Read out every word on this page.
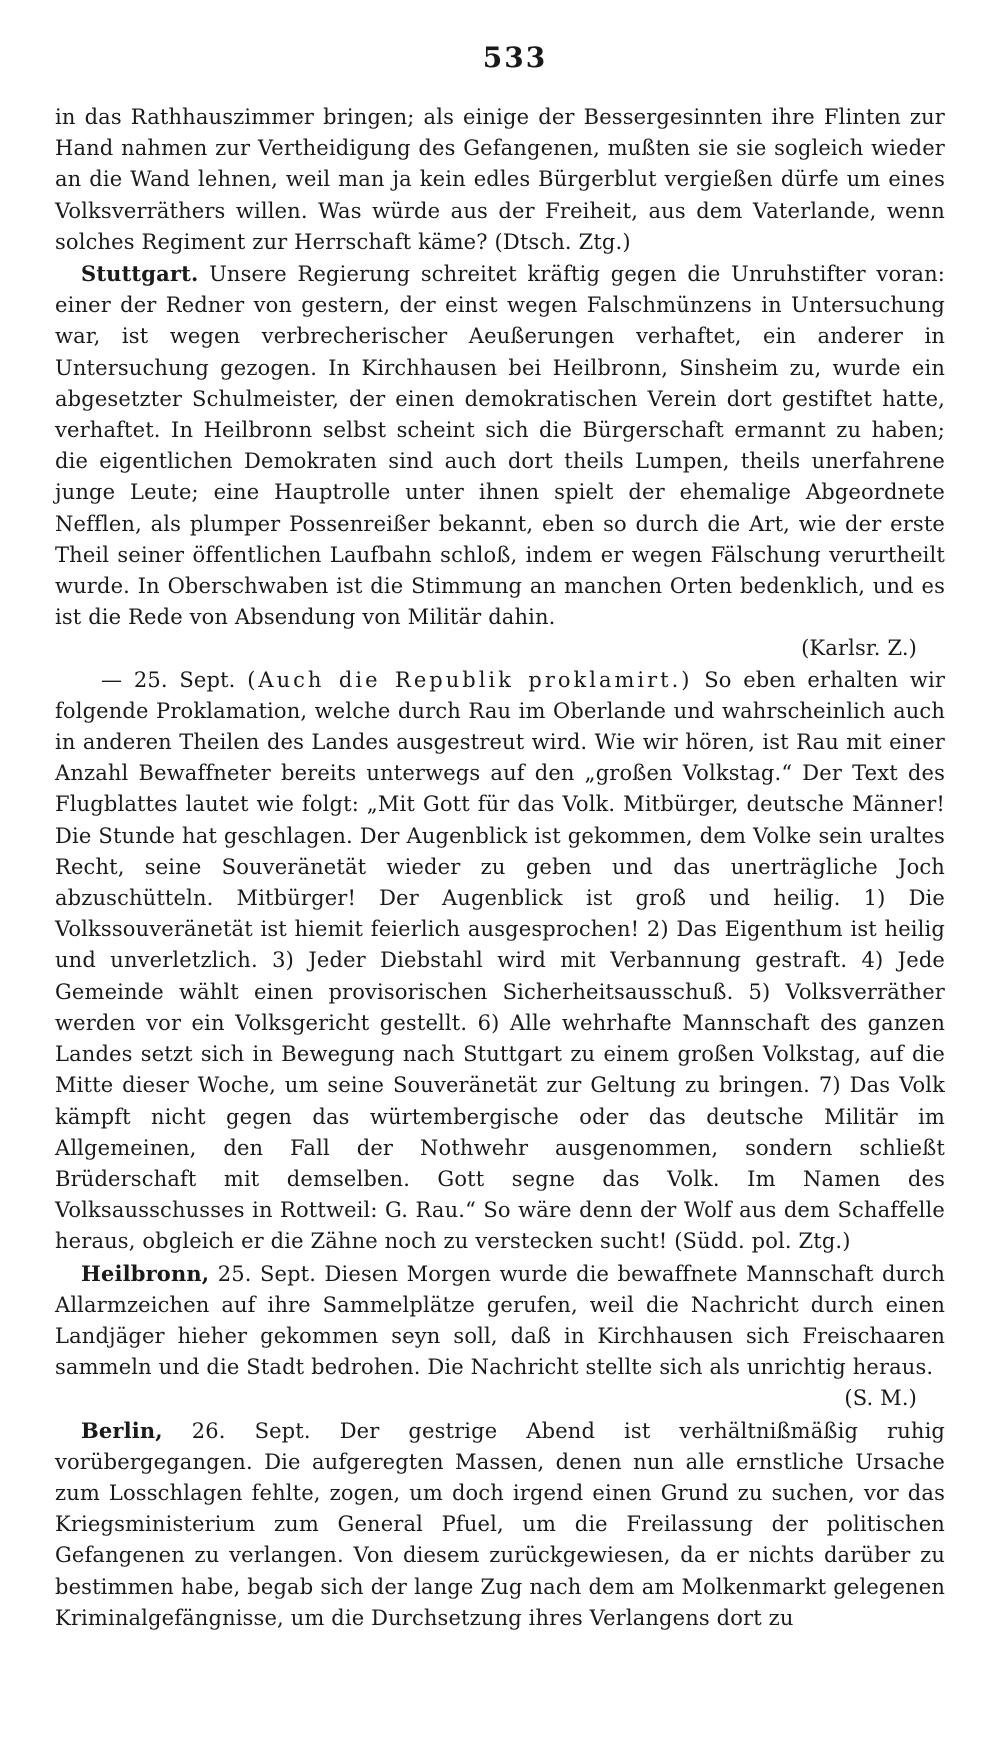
533

in das Rathhauszimmer bringen; als einige der Bessergesinnten ihre Flinten zur Hand nahmen zur Vertheidigung des Gefangenen, mußten sie sie sogleich wieder an die Wand lehnen, weil man ja kein edles Bürgerblut vergießen dürfe um eines Volksverräthers willen. Was würde aus der Freiheit, aus dem Vaterlande, wenn solches Regiment zur Herrschaft käme? (Dtsch. Ztg.)

Stuttgart. Unsere Regierung schreitet kräftig gegen die Unruhstifter voran: einer der Redner von gestern, der einst wegen Falschmünzens in Untersuchung war, ist wegen verbrecherischer Aeußerungen verhaftet, ein anderer in Untersuchung gezogen. In Kirchhausen bei Heilbronn, Sinsheim zu, wurde ein abgesetzter Schulmeister, der einen demokratischen Verein dort gestiftet hatte, verhaftet. In Heilbronn selbst scheint sich die Bürgerschaft ermannt zu haben; die eigentlichen Demokraten sind auch dort theils Lumpen, theils unerfahrene junge Leute; eine Hauptrolle unter ihnen spielt der ehemalige Abgeordnete Nefflen, als plumper Possenreißer bekannt, eben so durch die Art, wie der erste Theil seiner öffentlichen Laufbahn schloß, indem er wegen Fälschung verurtheilt wurde. In Oberschwaben ist die Stimmung an manchen Orten bedenklich, und es ist die Rede von Absendung von Militär dahin.
(Karlsr. Z.)

— 25. Sept. (Auch die Republik proklamirt.) So eben erhalten wir folgende Proklamation, welche durch Rau im Oberlande und wahrscheinlich auch in anderen Theilen des Landes ausgestreut wird. Wie wir hören, ist Rau mit einer Anzahl Bewaffneter bereits unterwegs auf den „großen Volkstag.“ Der Text des Flugblattes lautet wie folgt: „Mit Gott für das Volk. Mitbürger, deutsche Männer! Die Stunde hat geschlagen. Der Augenblick ist gekommen, dem Volke sein uraltes Recht, seine Souveränetät wieder zu geben und das unerträgliche Joch abzuschütteln. Mitbürger! Der Augenblick ist groß und heilig. 1) Die Volkssouveränetät ist hiemit feierlich ausgesprochen! 2) Das Eigenthum ist heilig und unverletzlich. 3) Jeder Diebstahl wird mit Verbannung gestraft. 4) Jede Gemeinde wählt einen provisorischen Sicherheitsausschuß. 5) Volksverräther werden vor ein Volksgericht gestellt. 6) Alle wehrhafte Mannschaft des ganzen Landes setzt sich in Bewegung nach Stuttgart zu einem großen Volkstag, auf die Mitte dieser Woche, um seine Souveränetät zur Geltung zu bringen. 7) Das Volk kämpft nicht gegen das würtembergische oder das deutsche Militär im Allgemeinen, den Fall der Nothwehr ausgenommen, sondern schließt Brüderschaft mit demselben. Gott segne das Volk. Im Namen des Volksausschusses in Rottweil: G. Rau.“ So wäre denn der Wolf aus dem Schaffelle heraus, obgleich er die Zähne noch zu verstecken sucht! (Südd. pol. Ztg.)

Heilbronn, 25. Sept. Diesen Morgen wurde die bewaffnete Mannschaft durch Allarmzeichen auf ihre Sammelplätze gerufen, weil die Nachricht durch einen Landjäger hieher gekommen seyn soll, daß in Kirchhausen sich Freischaaren sammeln und die Stadt bedrohen. Die Nachricht stellte sich als unrichtig heraus.
(S. M.)

Berlin, 26. Sept. Der gestrige Abend ist verhältnißmäßig ruhig vorübergegangen. Die aufgeregten Massen, denen nun alle ernstliche Ursache zum Losschlagen fehlte, zogen, um doch irgend einen Grund zu suchen, vor das Kriegsministerium zum General Pfuel, um die Freilassung der politischen Gefangenen zu verlangen. Von diesem zurückgewiesen, da er nichts darüber zu bestimmen habe, begab sich der lange Zug nach dem am Molkenmarkt gelegenen Kriminalgefängnisse, um die Durchsetzung ihres Verlangens dort zu
